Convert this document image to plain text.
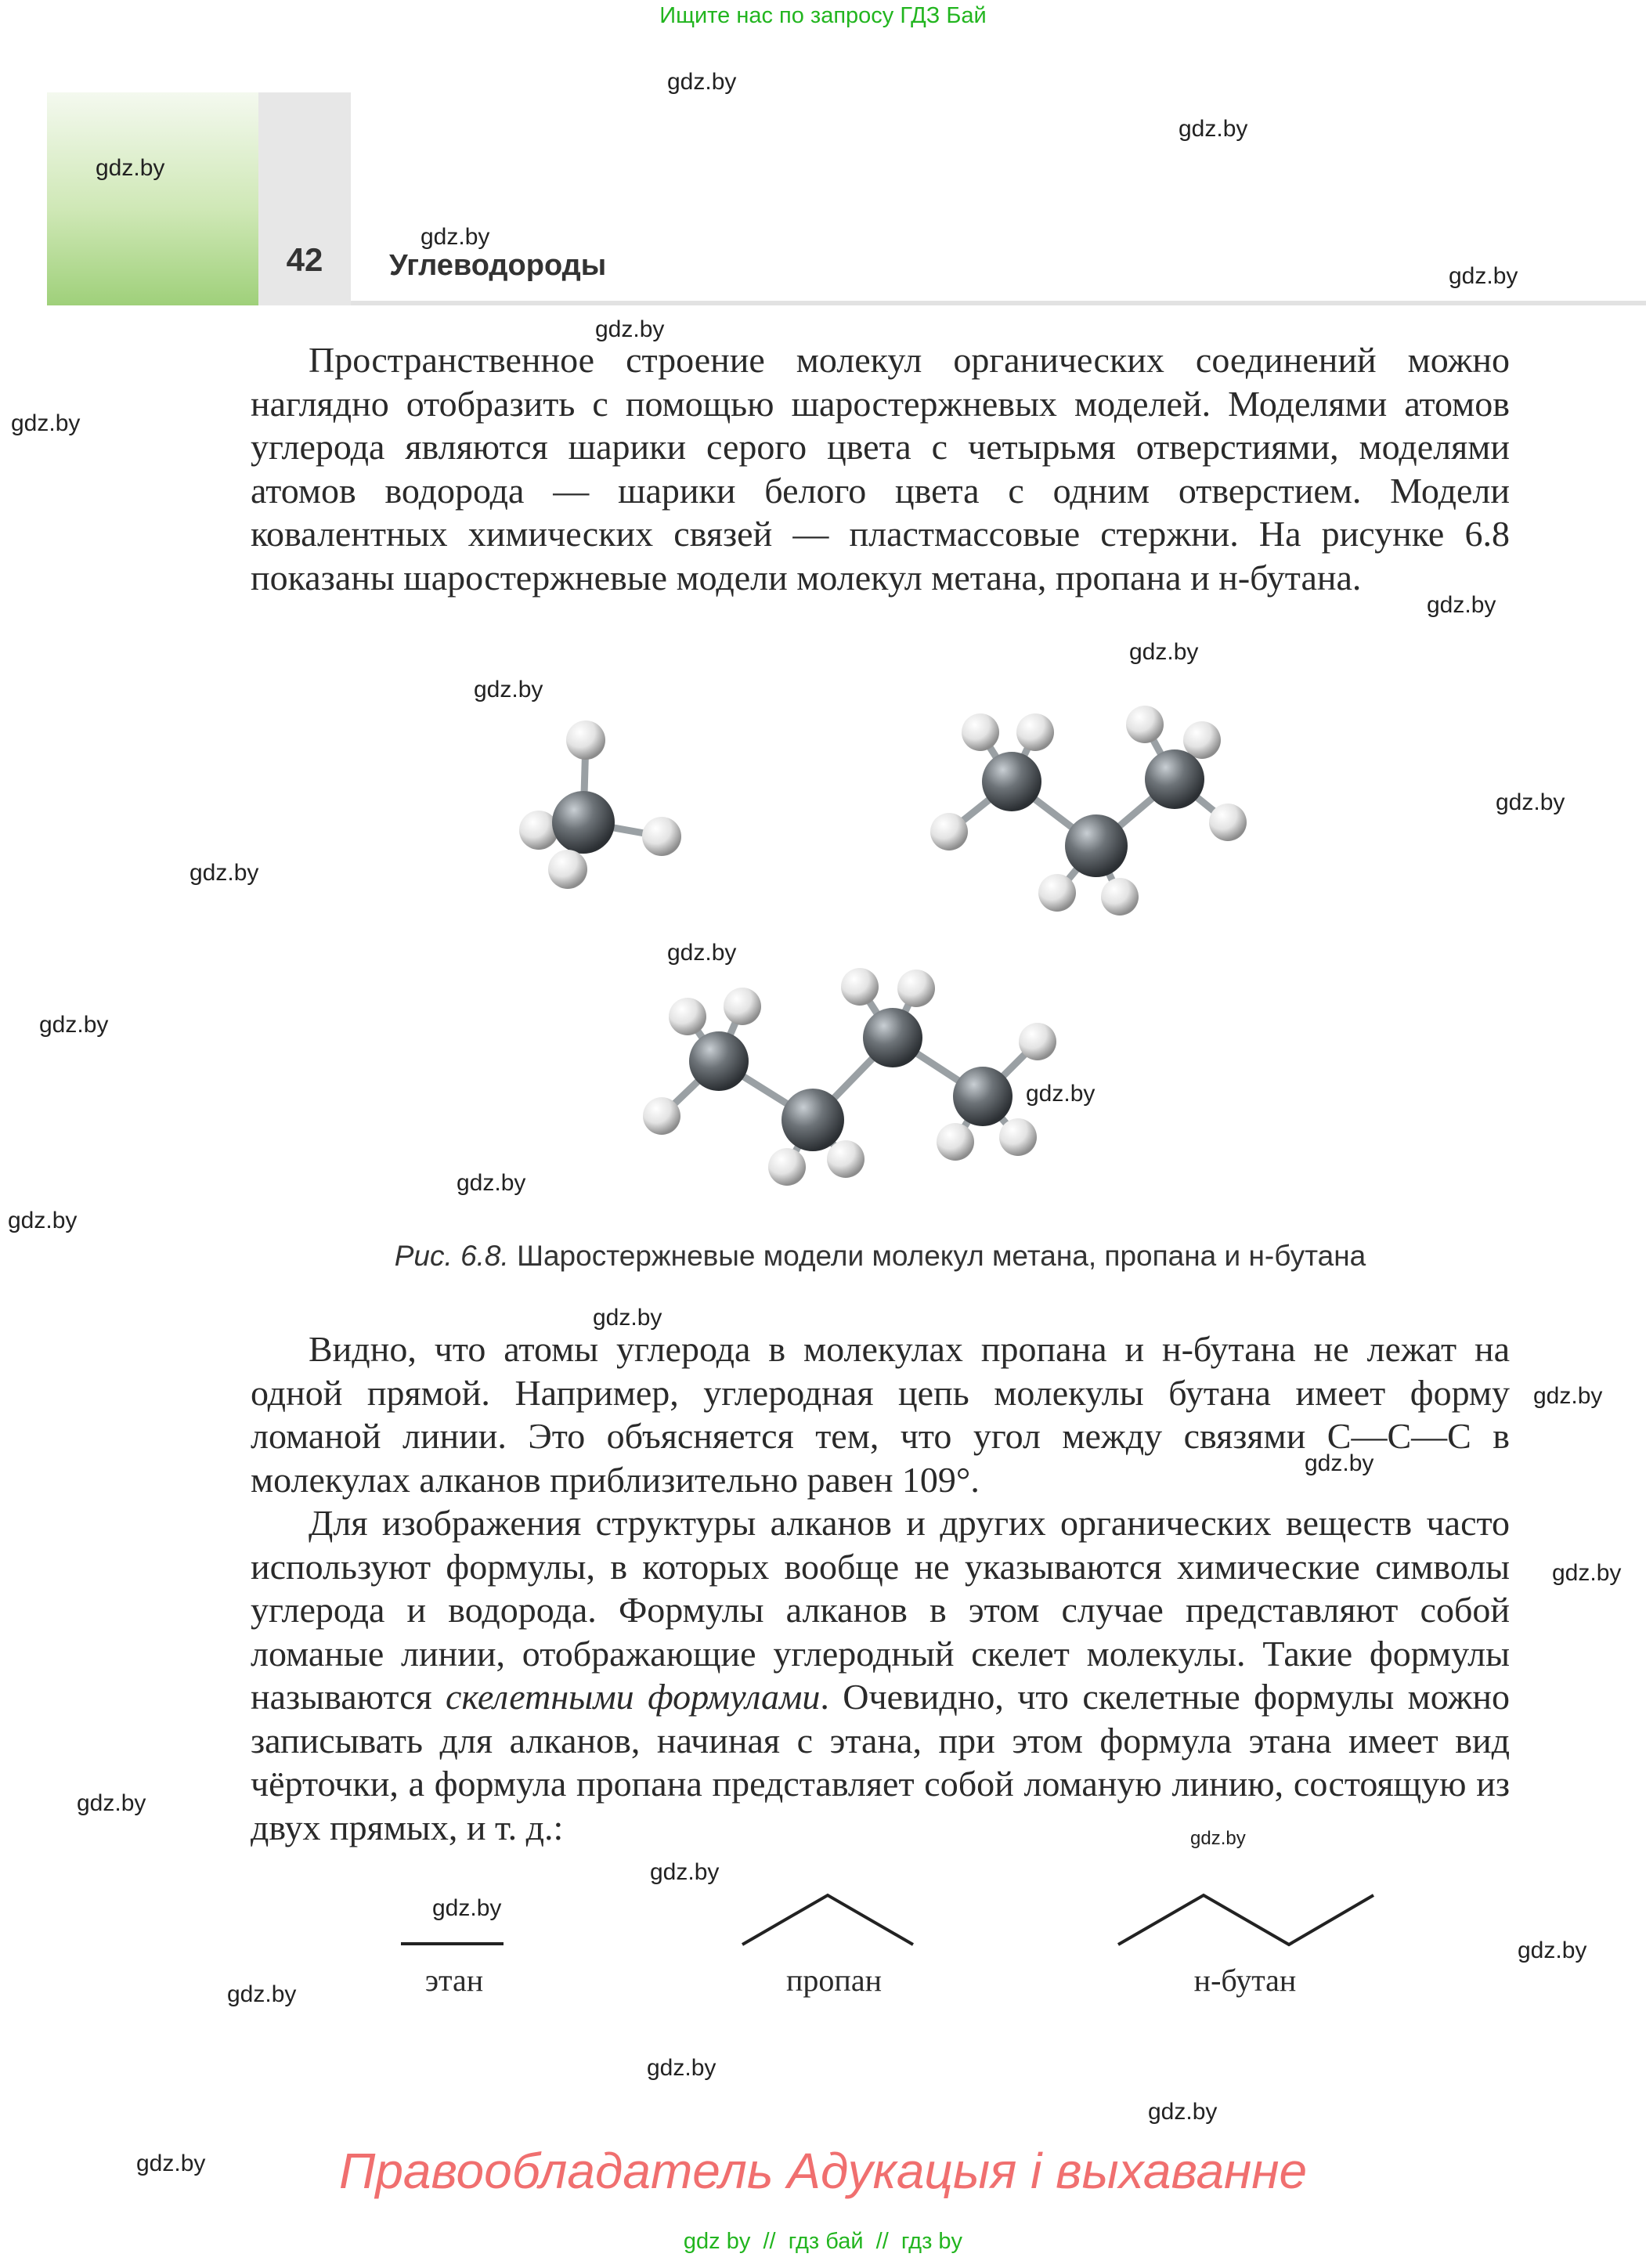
Ищите нас по запросу ГДЗ Бай
42	Углеводороды
gdz.by
gdz.by
gdz.by
gdz.by
gdz.by
gdz.by
gdz.by
gdz.by
gdz.by
gdz.by
gdz.by
gdz.by
gdz.by
gdz.by
gdz.by
gdz.by
gdz.by
gdz.by
gdz.by
gdz.by
gdz.by
gdz.by
gdz.by
gdz.by
gdz.by
gdz.by
gdz.by
gdz.by
gdz.by
gdz.by

Пространственное строение молекул органических соединений можно наглядно отобразить с помощью шаростержневых моделей. Моделями атомов углерода являются шарики серого цвета с четырьмя отверстиями, моделями атомов водорода — шарики белого цвета с одним отверстием. Модели ковалентных химических связей — пластмассовые стержни. На рисунке 6.8 показаны шаростержневые модели молекул метана, пропана и н-бутана.

Рис. 6.8. Шаростержневые модели молекул метана, пропана и н-бутана

Видно, что атомы углерода в молекулах пропана и н-бутана не лежат на одной прямой. Например, углеродная цепь молекулы бутана имеет форму ломаной линии. Это объясняется тем, что угол между связями C—C—C в молекулах алканов приблизительно равен 109°.

Для изображения структуры алканов и других органических веществ часто используют формулы, в которых вообще не указываются химические символы углерода и водорода. Формулы алканов в этом случае представляют собой ломаные линии, отображающие углеродный скелет молекулы. Такие формулы называются скелетными формулами. Очевидно, что скелетные формулы можно записывать для алканов, начиная с этана, при этом формула этана имеет вид чёрточки, а формула пропана представляет собой ломаную линию, состоящую из двух прямых, и т. д.:

этан	пропан	н-бутан
Правообладатель Адукацыя і выхаванне
gdz by  //  гдз бай  //  гдз by
